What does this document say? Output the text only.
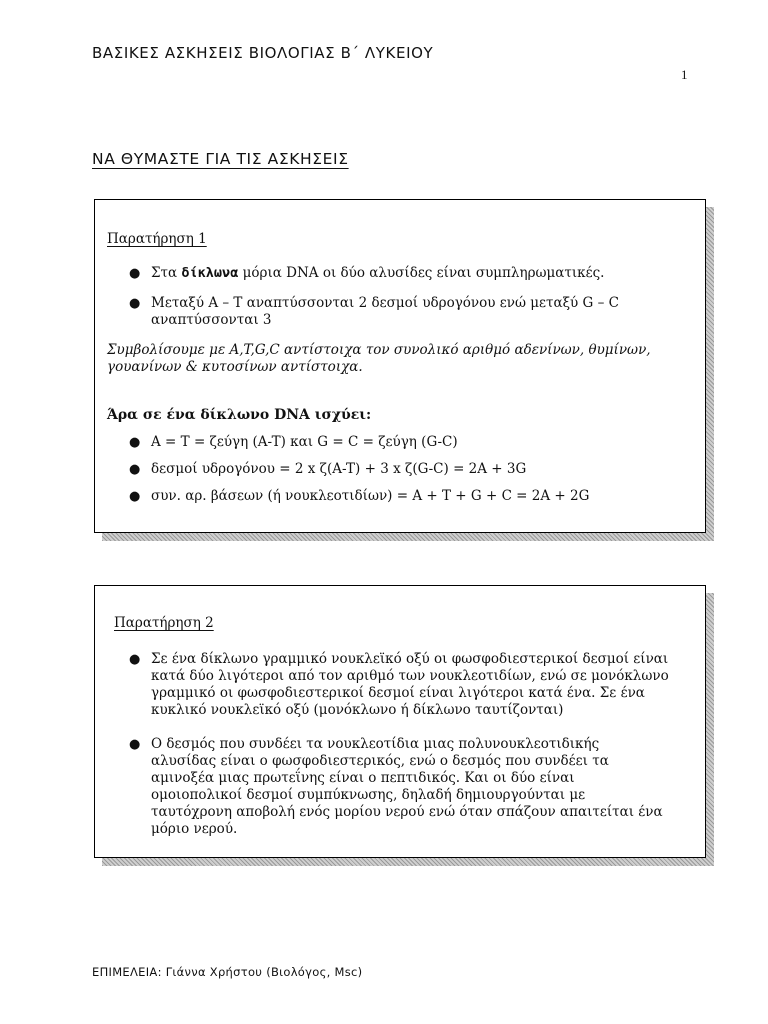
ΒΑΣΙΚΕΣ ΑΣΚΗΣΕΙΣ ΒΙΟΛΟΓΙΑΣ Β΄ ΛΥΚΕΙΟΥ
1
ΝΑ ΘΥΜΑΣΤΕ ΓΙΑ ΤΙΣ ΑΣΚΗΣΕΙΣ
Παρατήρηση 1
● Στα δίκλωνα μόρια DNA οι δύο αλυσίδες είναι συμπληρωματικές.
● Μεταξύ A – T αναπτύσσονται 2 δεσμοί υδρογόνου ενώ μεταξύ G – C
αναπτύσσονται 3
Συμβολίσουμε με A,T,G,C αντίστοιχα τον συνολικό αριθμό αδενίνων, θυμίνων,
γουανίνων & κυτοσίνων αντίστοιχα.
Άρα σε ένα δίκλωνο DNA ισχύει:
● A = T = ζεύγη (A-T) και G = C = ζεύγη (G-C)
● δεσμοί υδρογόνου = 2 x ζ(A-T) + 3 x ζ(G-C) = 2A + 3G
● συν. αρ. βάσεων (ή νουκλεοτιδίων) = A + T + G + C = 2A + 2G
Παρατήρηση 2
● Σε ένα δίκλωνο γραμμικό νουκλεϊκό οξύ οι φωσφοδιεστερικοί δεσμοί είναι
κατά δύο λιγότεροι από τον αριθμό των νουκλεοτιδίων, ενώ σε μονόκλωνο
γραμμικό οι φωσφοδιεστερικοί δεσμοί είναι λιγότεροι κατά ένα. Σε ένα
κυκλικό νουκλεϊκό οξύ (μονόκλωνο ή δίκλωνο ταυτίζονται)
● Ο δεσμός που συνδέει τα νουκλεοτίδια μιας πολυνουκλεοτιδικής
αλυσίδας είναι ο φωσφοδιεστερικός, ενώ ο δεσμός που συνδέει τα
αμινοξέα μιας πρωτεΐνης είναι ο πεπτιδικός. Και οι δύο είναι
ομοιοπολικοί δεσμοί συμπύκνωσης, δηλαδή δημιουργούνται με
ταυτόχρονη αποβολή ενός μορίου νερού ενώ όταν σπάζουν απαιτείται ένα
μόριο νερού.
ΕΠΙΜΕΛΕΙΑ: Γιάννα Χρήστου (Βιολόγος, Msc)
